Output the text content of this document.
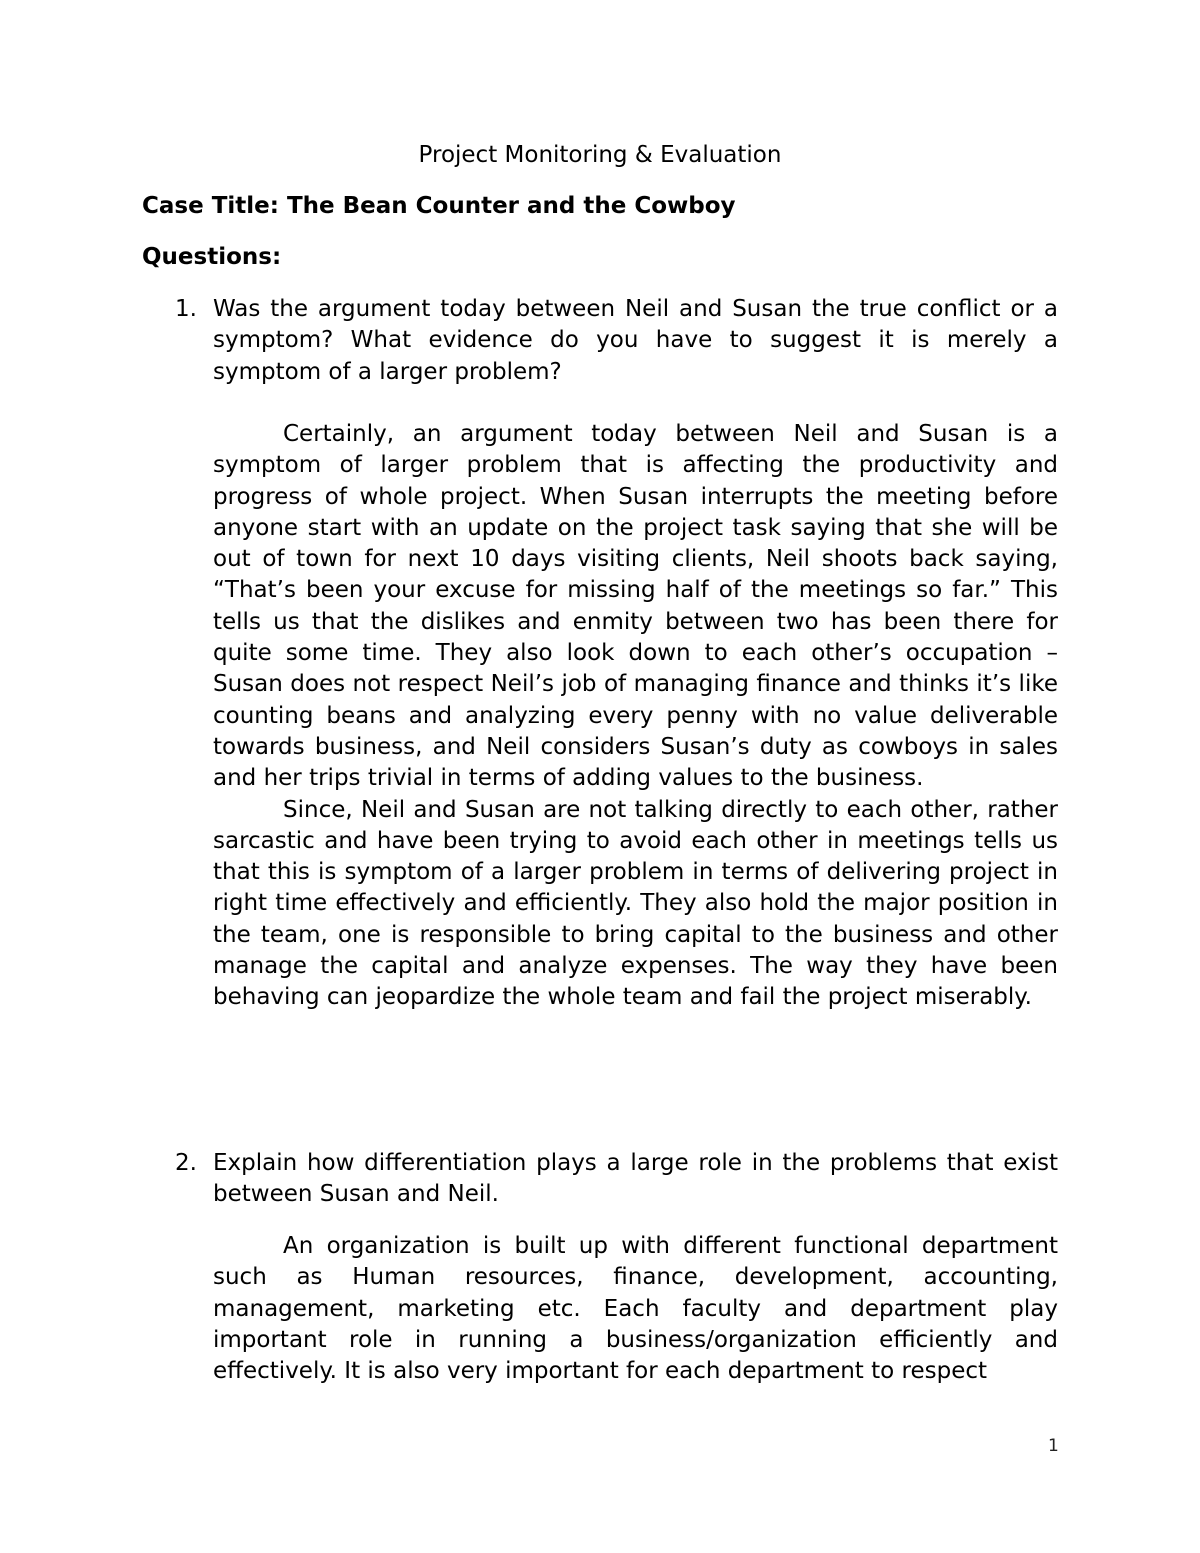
Project Monitoring & Evaluation
Case Title: The Bean Counter and the Cowboy
Questions:
1. Was the argument today between Neil and Susan the true conflict or a symptom? What evidence do you have to suggest it is merely a symptom of a larger problem?

Certainly, an argument today between Neil and Susan is a symptom of larger problem that is affecting the productivity and progress of whole project. When Susan interrupts the meeting before anyone start with an update on the project task saying that she will be out of town for next 10 days visiting clients, Neil shoots back saying, “That’s been your excuse for missing half of the meetings so far.” This tells us that the dislikes and enmity between two has been there for quite some time. They also look down to each other’s occupation – Susan does not respect Neil’s job of managing finance and thinks it’s like counting beans and analyzing every penny with no value deliverable towards business, and Neil considers Susan’s duty as cowboys in sales and her trips trivial in terms of adding values to the business.

Since, Neil and Susan are not talking directly to each other, rather sarcastic and have been trying to avoid each other in meetings tells us that this is symptom of a larger problem in terms of delivering project in right time effectively and efficiently. They also hold the major position in the team, one is responsible to bring capital to the business and other manage the capital and analyze expenses. The way they have been behaving can jeopardize the whole team and fail the project miserably.

2. Explain how differentiation plays a large role in the problems that exist between Susan and Neil.

An organization is built up with different functional department such as Human resources, finance, development, accounting, management, marketing etc. Each faculty and department play important role in running a business/organization efficiently and effectively. It is also very important for each department to respect

1
